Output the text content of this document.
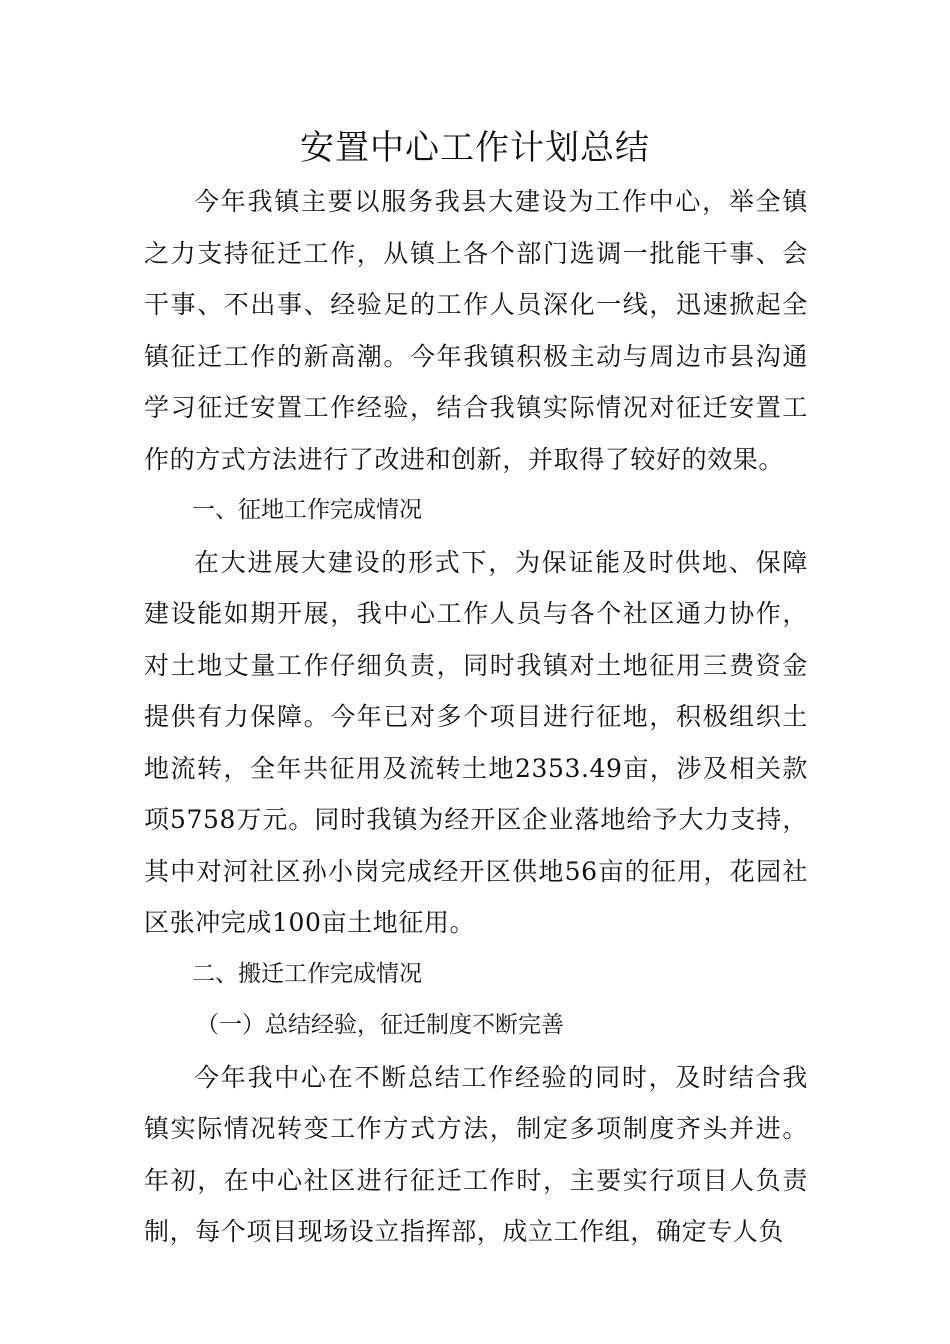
安置中心工作计划总结

今年我镇主要以服务我县大建设为工作中心，举全镇之力支持征迁工作，从镇上各个部门选调一批能干事、会干事、不出事、经验足的工作人员深化一线，迅速掀起全镇征迁工作的新高潮。今年我镇积极主动与周边市县沟通学习征迁安置工作经验，结合我镇实际情况对征迁安置工作的方式方法进行了改进和创新，并取得了较好的效果。

一、征地工作完成情况

在大进展大建设的形式下，为保证能及时供地、保障建设能如期开展，我中心工作人员与各个社区通力协作，对土地丈量工作仔细负责，同时我镇对土地征用三费资金提供有力保障。今年已对多个项目进行征地，积极组织土地流转，全年共征用及流转土地2353.49亩，涉及相关款项5758万元。同时我镇为经开区企业落地给予大力支持，其中对河社区孙小岗完成经开区供地56亩的征用，花园社区张冲完成100亩土地征用。

二、搬迁工作完成情况

（一）总结经验，征迁制度不断完善

今年我中心在不断总结工作经验的同时，及时结合我镇实际情况转变工作方式方法，制定多项制度齐头并进。年初，在中心社区进行征迁工作时，主要实行项目人负责制，每个项目现场设立指挥部，成立工作组，确定专人负
